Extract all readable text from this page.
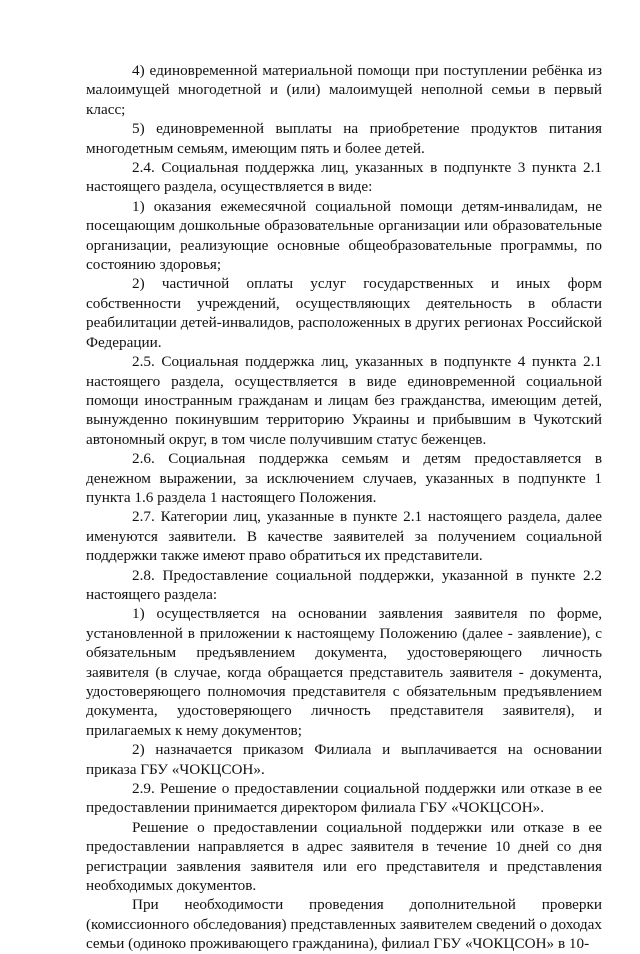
4) единовременной материальной помощи при поступлении ребёнка из малоимущей многодетной и (или) малоимущей неполной семьи в первый класс;

5) единовременной выплаты на приобретение продуктов питания многодетным семьям, имеющим пять и более детей.

2.4. Социальная поддержка лиц, указанных в подпункте 3 пункта 2.1 настоящего раздела, осуществляется в виде:

1) оказания ежемесячной социальной помощи детям-инвалидам, не посещающим дошкольные образовательные организации или образовательные организации, реализующие основные общеобразовательные программы, по состоянию здоровья;

2) частичной оплаты услуг государственных и иных форм собственности учреждений, осуществляющих деятельность в области реабилитации детей-инвалидов, расположенных в других регионах Российской Федерации.

2.5. Социальная поддержка лиц, указанных в подпункте 4 пункта 2.1 настоящего раздела, осуществляется в виде единовременной социальной помощи иностранным гражданам и лицам без гражданства, имеющим детей, вынужденно покинувшим территорию Украины и прибывшим в Чукотский автономный округ, в том числе получившим статус беженцев.

2.6. Социальная поддержка семьям и детям предоставляется в денежном выражении, за исключением случаев, указанных в подпункте 1 пункта 1.6 раздела 1 настоящего Положения.

2.7. Категории лиц, указанные в пункте 2.1 настоящего раздела, далее именуются заявители. В качестве заявителей за получением социальной поддержки также имеют право обратиться их представители.

2.8. Предоставление социальной поддержки, указанной в пункте 2.2 настоящего раздела:

1) осуществляется на основании заявления заявителя по форме, установленной в приложении к настоящему Положению (далее - заявление), с обязательным предъявлением документа, удостоверяющего личность заявителя (в случае, когда обращается представитель заявителя - документа, удостоверяющего полномочия представителя с обязательным предъявлением документа, удостоверяющего личность представителя заявителя), и прилагаемых к нему документов;

2) назначается приказом Филиала и выплачивается на основании приказа ГБУ «ЧОКЦСОН».

2.9. Решение о предоставлении социальной поддержки или отказе в ее предоставлении принимается директором филиала ГБУ «ЧОКЦСОН».

Решение о предоставлении социальной поддержки или отказе в ее предоставлении направляется в адрес заявителя в течение 10 дней со дня регистрации заявления заявителя или его представителя и представления необходимых документов.

При необходимости проведения дополнительной проверки (комиссионного обследования) представленных заявителем сведений о доходах семьи (одиноко проживающего гражданина), филиал ГБУ «ЧОКЦСОН» в 10-
